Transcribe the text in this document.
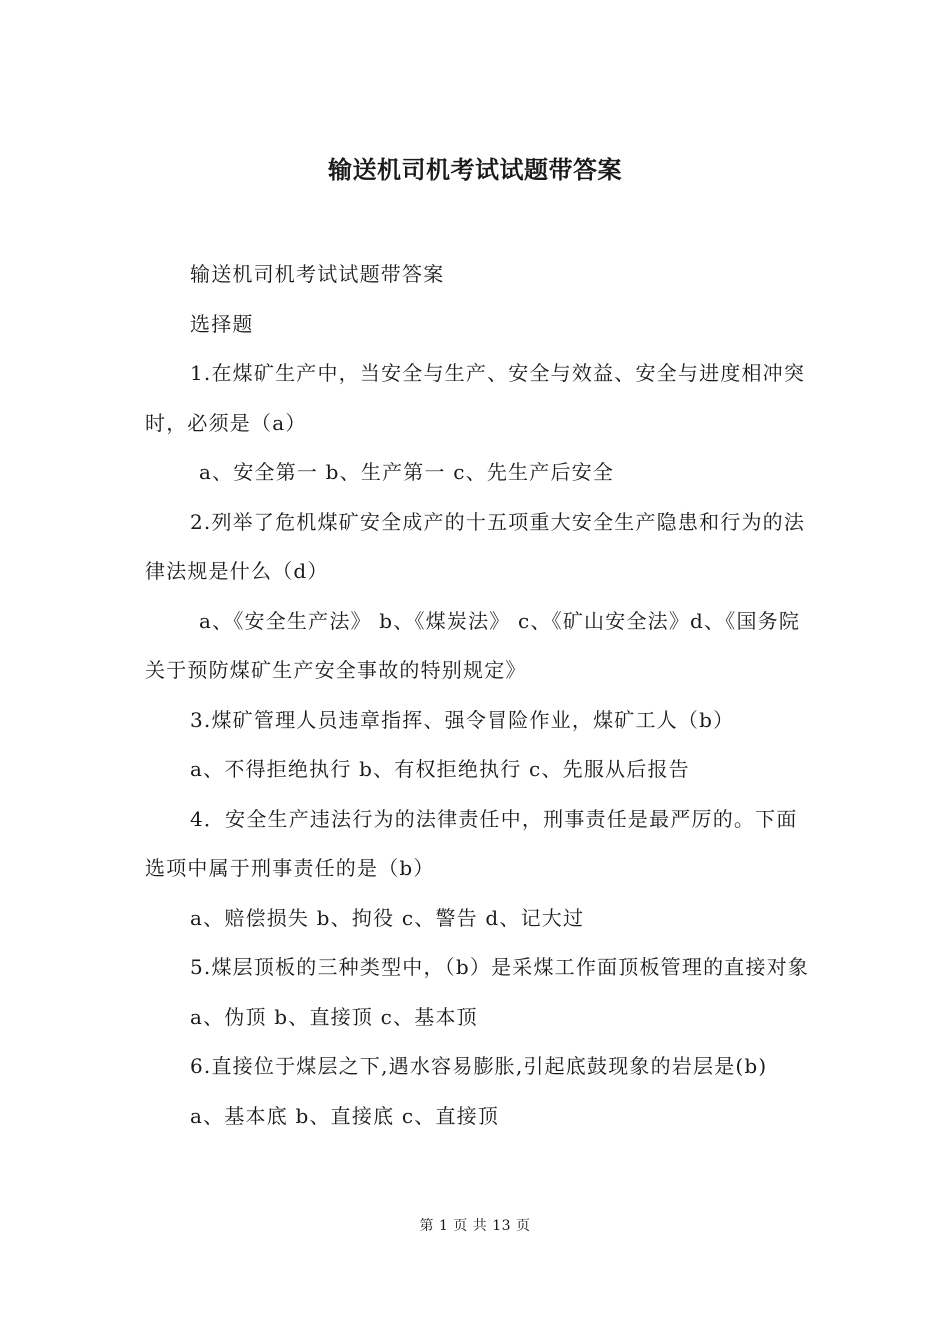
输送机司机考试试题带答案

输送机司机考试试题带答案

选择题

1.在煤矿生产中，当安全与生产、安全与效益、安全与进度相冲突时，必须是（a）

a、安全第一 b、生产第一 c、先生产后安全

2.列举了危机煤矿安全成产的十五项重大安全生产隐患和行为的法律法规是什么（d）

a、《安全生产法》 b、《煤炭法》 c、《矿山安全法》d、《国务院关于预防煤矿生产安全事故的特别规定》

3.煤矿管理人员违章指挥、强令冒险作业，煤矿工人（b）

a、不得拒绝执行 b、有权拒绝执行 c、先服从后报告

4．安全生产违法行为的法律责任中，刑事责任是最严厉的。下面选项中属于刑事责任的是（b）

a、赔偿损失 b、拘役 c、警告 d、记大过

5.煤层顶板的三种类型中，（b）是采煤工作面顶板管理的直接对象

a、伪顶 b、直接顶 c、基本顶

6.直接位于煤层之下,遇水容易膨胀,引起底鼓现象的岩层是(b)

a、基本底 b、直接底 c、直接顶

第 1 页 共 13 页
